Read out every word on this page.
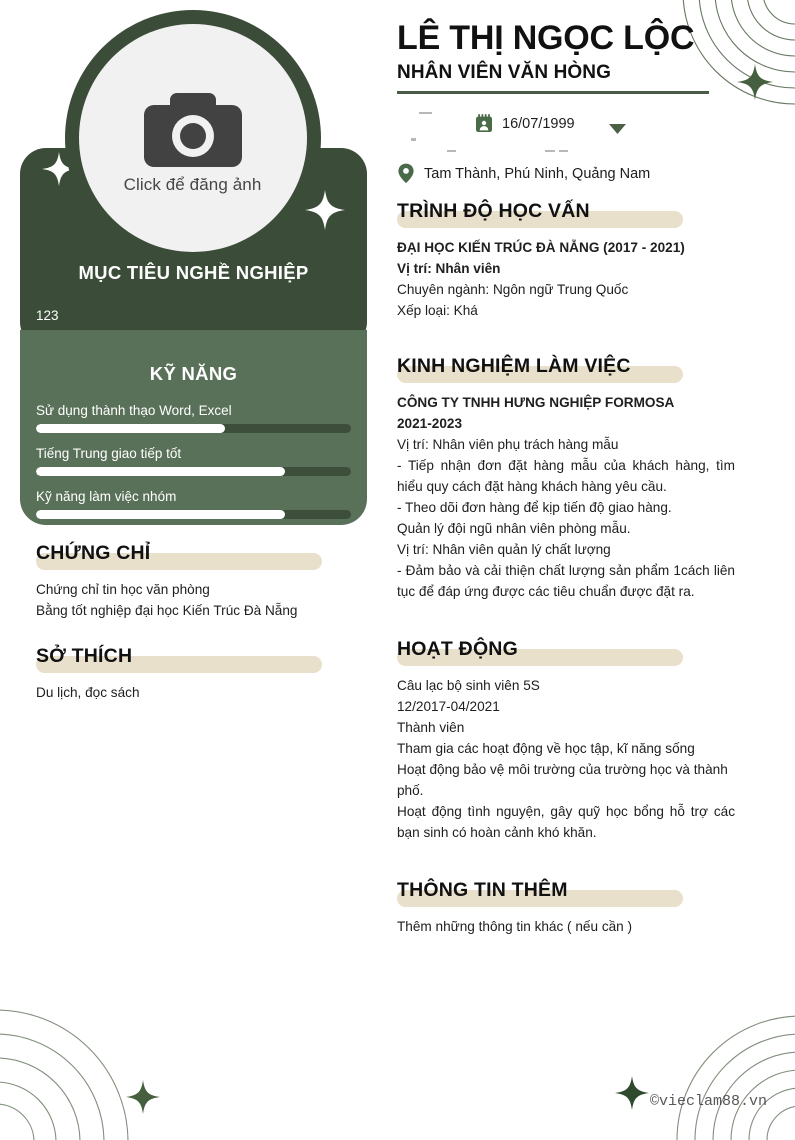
Click để đăng ảnh
MỤC TIÊU NGHỀ NGHIỆP
123
KỸ NĂNG
Sử dụng thành thạo Word, Excel
Tiếng Trung giao tiếp tốt
Kỹ năng làm việc nhóm
CHỨNG CHỈ
Chứng chỉ tin học văn phòng
Bằng tốt nghiệp đại học Kiến Trúc Đà Nẵng
SỞ THÍCH
Du lịch, đọc sách
LÊ THỊ NGỌC LỘC
NHÂN VIÊN VĂN HÒNG
16/07/1999
Tam Thành, Phú Ninh, Quảng Nam
TRÌNH ĐỘ HỌC VẤN
ĐẠI HỌC KIẾN TRÚC ĐÀ NẴNG (2017 - 2021)
Vị trí: Nhân viên
Chuyên ngành: Ngôn ngữ Trung Quốc
Xếp loại: Khá
KINH NGHIỆM LÀM VIỆC
CÔNG TY TNHH HƯNG NGHIỆP FORMOSA
2021-2023
Vị trí: Nhân viên phụ trách hàng mẫu
- Tiếp nhận đơn đặt hàng mẫu của khách hàng, tìm hiểu quy cách đặt hàng khách hàng yêu cầu.
- Theo dõi đơn hàng để kịp tiến độ giao hàng.
Quản lý đội ngũ nhân viên phòng mẫu.
Vị trí: Nhân viên quản lý chất lượng
- Đảm bảo và cải thiện chất lượng sản phẩm 1cách liên tục để đáp ứng được các tiêu chuẩn được đặt ra.
HOẠT ĐỘNG
Câu lạc bộ sinh viên 5S
12/2017-04/2021
Thành viên
Tham gia các hoạt động về học tập, kĩ năng sống
Hoạt động bảo vệ môi trường của trường học và thành phố.
Hoạt động tình nguyện, gây quỹ học bổng hỗ trợ các bạn sinh có hoàn cảnh khó khăn.
THÔNG TIN THÊM
Thêm những thông tin khác ( nếu cần )
©vieclam88.vn
